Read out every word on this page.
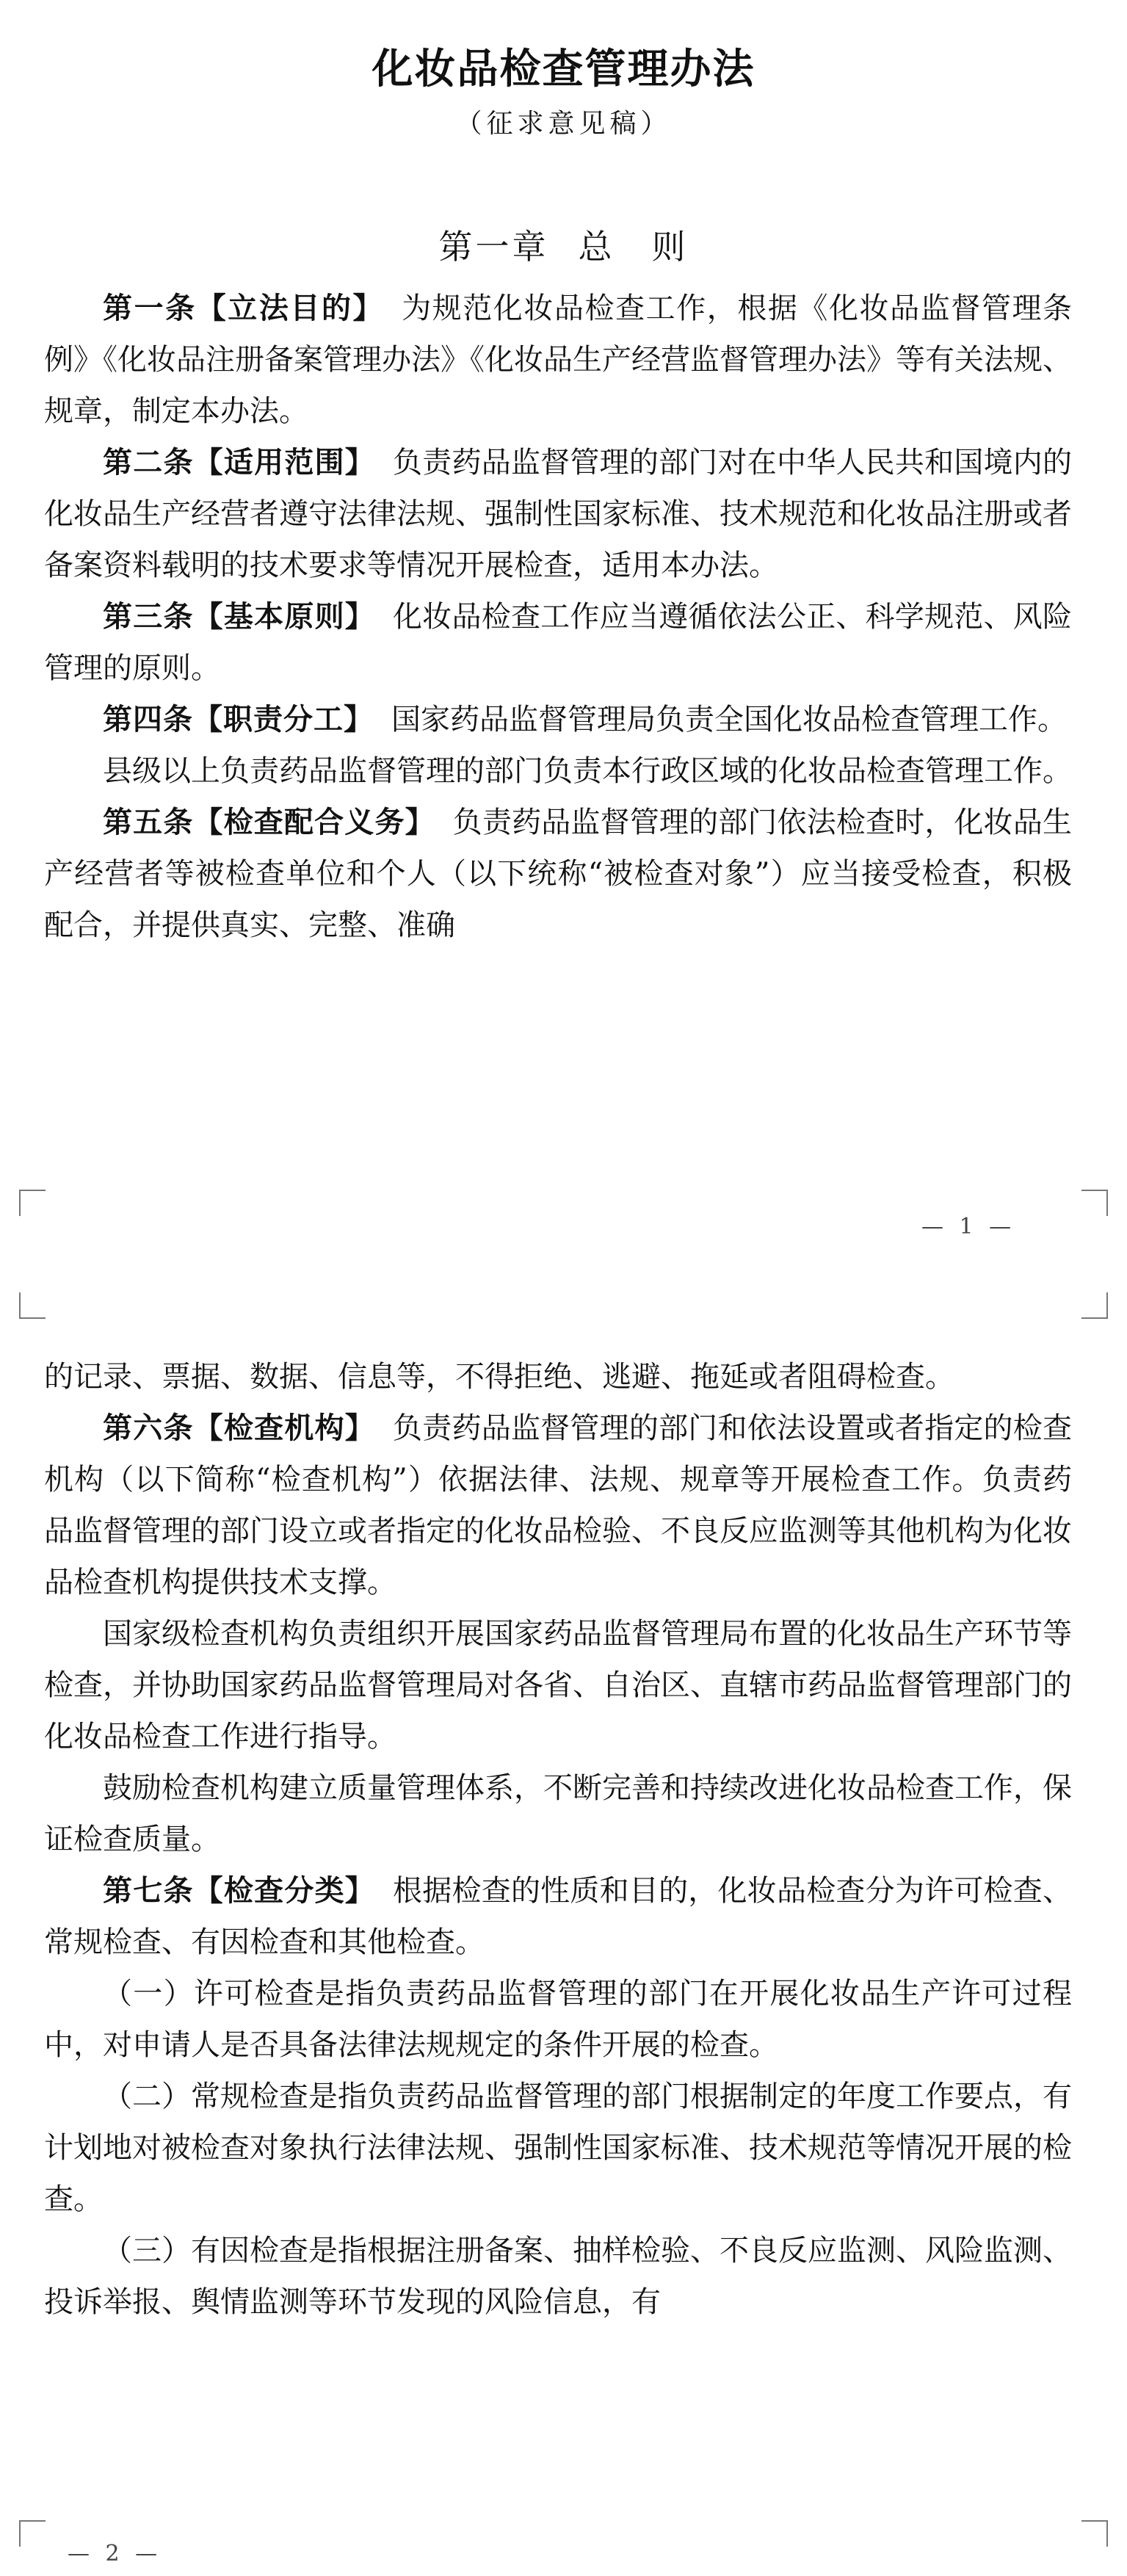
化妆品检查管理办法
（征求意见稿）
第一章 总　则

第一条【立法目的】 为规范化妆品检查工作，根据《化妆品监督管理条例》《化妆品注册备案管理办法》《化妆品生产经营监督管理办法》等有关法规、规章，制定本办法。

第二条【适用范围】 负责药品监督管理的部门对在中华人民共和国境内的化妆品生产经营者遵守法律法规、强制性国家标准、技术规范和化妆品注册或者备案资料载明的技术要求等情况开展检查，适用本办法。

第三条【基本原则】 化妆品检查工作应当遵循依法公正、科学规范、风险管理的原则。

第四条【职责分工】 国家药品监督管理局负责全国化妆品检查管理工作。

县级以上负责药品监督管理的部门负责本行政区域的化妆品检查管理工作。

第五条【检查配合义务】 负责药品监督管理的部门依法检查时，化妆品生产经营者等被检查单位和个人（以下统称“被检查对象”）应当接受检查，积极配合，并提供真实、完整、准确

— 1 —

的记录、票据、数据、信息等，不得拒绝、逃避、拖延或者阻碍检查。

第六条【检查机构】 负责药品监督管理的部门和依法设置或者指定的检查机构（以下简称“检查机构”）依据法律、法规、规章等开展检查工作。负责药品监督管理的部门设立或者指定的化妆品检验、不良反应监测等其他机构为化妆品检查机构提供技术支撑。

国家级检查机构负责组织开展国家药品监督管理局布置的化妆品生产环节等检查，并协助国家药品监督管理局对各省、自治区、直辖市药品监督管理部门的化妆品检查工作进行指导。

鼓励检查机构建立质量管理体系，不断完善和持续改进化妆品检查工作，保证检查质量。

第七条【检查分类】 根据检查的性质和目的，化妆品检查分为许可检查、常规检查、有因检查和其他检查。

（一）许可检查是指负责药品监督管理的部门在开展化妆品生产许可过程中，对申请人是否具备法律法规规定的条件开展的检查。

（二）常规检查是指负责药品监督管理的部门根据制定的年度工作要点，有计划地对被检查对象执行法律法规、强制性国家标准、技术规范等情况开展的检查。

（三）有因检查是指根据注册备案、抽样检验、不良反应监测、风险监测、投诉举报、舆情监测等环节发现的风险信息，有

— 2 —
